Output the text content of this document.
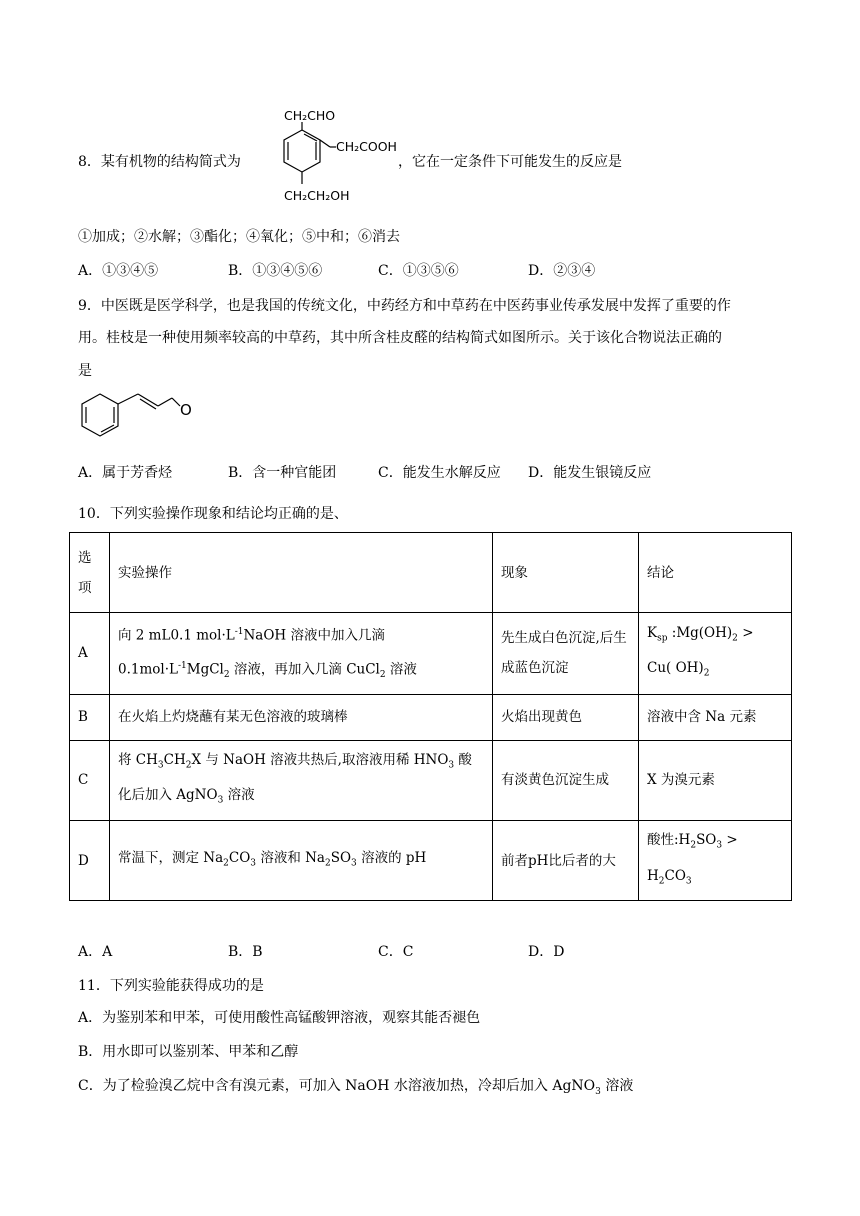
8．某有机物的结构简式为
CH₂CHO
CH₂COOH
CH₂CH₂OH
，它在一定条件下可能发生的反应是
①加成；②水解；③酯化；④氧化；⑤中和；⑥消去
A．①③④⑤	B．①③④⑤⑥	C．①③⑤⑥	D．②③④
9．中医既是医学科学，也是我国的传统文化，中药经方和中草药在中医药事业传承发展中发挥了重要的作
用。桂枝是一种使用频率较高的中草药，其中所含桂皮醛的结构简式如图所示。关于该化合物说法正确的
是
O
A．属于芳香烃	B．含一种官能团	C．能发生水解反应 D．能发生银镜反应
10．下列实验操作现象和结论均正确的是、
选项	实验操作	现象	结论
A	向 2 mL0.1 $mol\cdot L^{-1}NaOH$ 溶液中加入几滴
$0.1mol\cdot L^{-1}MgCl_2$ 溶液，再加入几滴 CuCl$_2$ 溶液	先生成白色沉淀,后生成蓝色沉淀	$K_{sp}$ $:Mg(OH)_2$ >
Cu( $OH)_2$
B	在火焰上灼烧蘸有某无色溶液的玻璃棒	火焰出现黄色	溶液中含 Na 元素
C	将 $CH_3CH_2X$ 与 NaOH 溶液共热后,取溶液用稀 $HNO_3$ 酸
化后加入 AgNO$_3$ 溶液	有淡黄色沉淀生成	X 为溴元素
D	常温下，测定 $Na_2CO_3$ 溶液和 $Na_2SO_3$ 溶液的 pH	前者pH比后者的大	酸性$:H_2SO_3$ >
$H_2CO_3$
A．A	B．B	C．C	D．D
11．下列实验能获得成功的是
A．为鉴别苯和甲苯，可使用酸性高锰酸钾溶液，观察其能否褪色
B．用水即可以鉴别苯、甲苯和乙醇
C．为了检验溴乙烷中含有溴元素，可加入 NaOH 水溶液加热，冷却后加入 AgNO$_3$ 溶液
